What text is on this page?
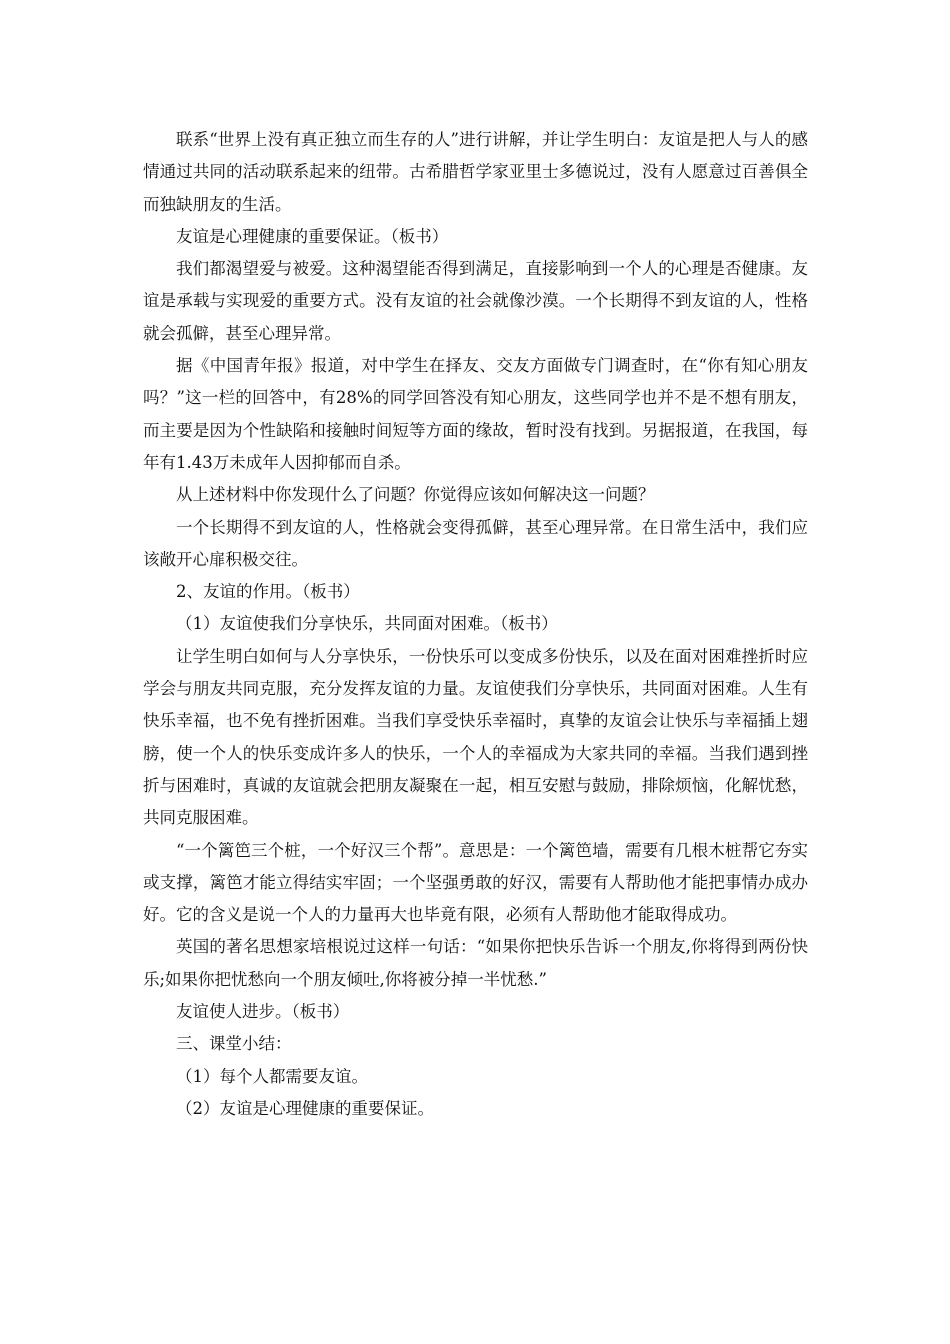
联系“世界上没有真正独立而生存的人”进行讲解，并让学生明白：友谊是把人与人的感情通过共同的活动联系起来的纽带。古希腊哲学家亚里士多德说过，没有人愿意过百善俱全而独缺朋友的生活。

友谊是心理健康的重要保证。（板书）

我们都渴望爱与被爱。这种渴望能否得到满足，直接影响到一个人的心理是否健康。友谊是承载与实现爱的重要方式。没有友谊的社会就像沙漠。一个长期得不到友谊的人，性格就会孤僻，甚至心理异常。

据《中国青年报》报道，对中学生在择友、交友方面做专门调查时，在“你有知心朋友吗？”这一栏的回答中，有28%的同学回答没有知心朋友，这些同学也并不是不想有朋友，而主要是因为个性缺陷和接触时间短等方面的缘故，暂时没有找到。另据报道，在我国，每年有1.43万未成年人因抑郁而自杀。

从上述材料中你发现什么了问题？你觉得应该如何解决这一问题？

一个长期得不到友谊的人，性格就会变得孤僻，甚至心理异常。在日常生活中，我们应该敞开心扉积极交往。

2、友谊的作用。（板书）

（1）友谊使我们分享快乐，共同面对困难。（板书）

让学生明白如何与人分享快乐，一份快乐可以变成多份快乐，以及在面对困难挫折时应学会与朋友共同克服，充分发挥友谊的力量。友谊使我们分享快乐，共同面对困难。人生有快乐幸福，也不免有挫折困难。当我们享受快乐幸福时，真挚的友谊会让快乐与幸福插上翅膀，使一个人的快乐变成许多人的快乐，一个人的幸福成为大家共同的幸福。当我们遇到挫折与困难时，真诚的友谊就会把朋友凝聚在一起，相互安慰与鼓励，排除烦恼，化解忧愁，共同克服困难。

“一个篱笆三个桩，一个好汉三个帮”。意思是：一个篱笆墙，需要有几根木桩帮它夯实或支撑，篱笆才能立得结实牢固；一个坚强勇敢的好汉，需要有人帮助他才能把事情办成办好。它的含义是说一个人的力量再大也毕竟有限，必须有人帮助他才能取得成功。

英国的著名思想家培根说过这样一句话：“如果你把快乐告诉一个朋友,你将得到两份快乐;如果你把忧愁向一个朋友倾吐,你将被分掉一半忧愁.”

友谊使人进步。（板书）

三、课堂小结：

（1）每个人都需要友谊。

（2）友谊是心理健康的重要保证。
